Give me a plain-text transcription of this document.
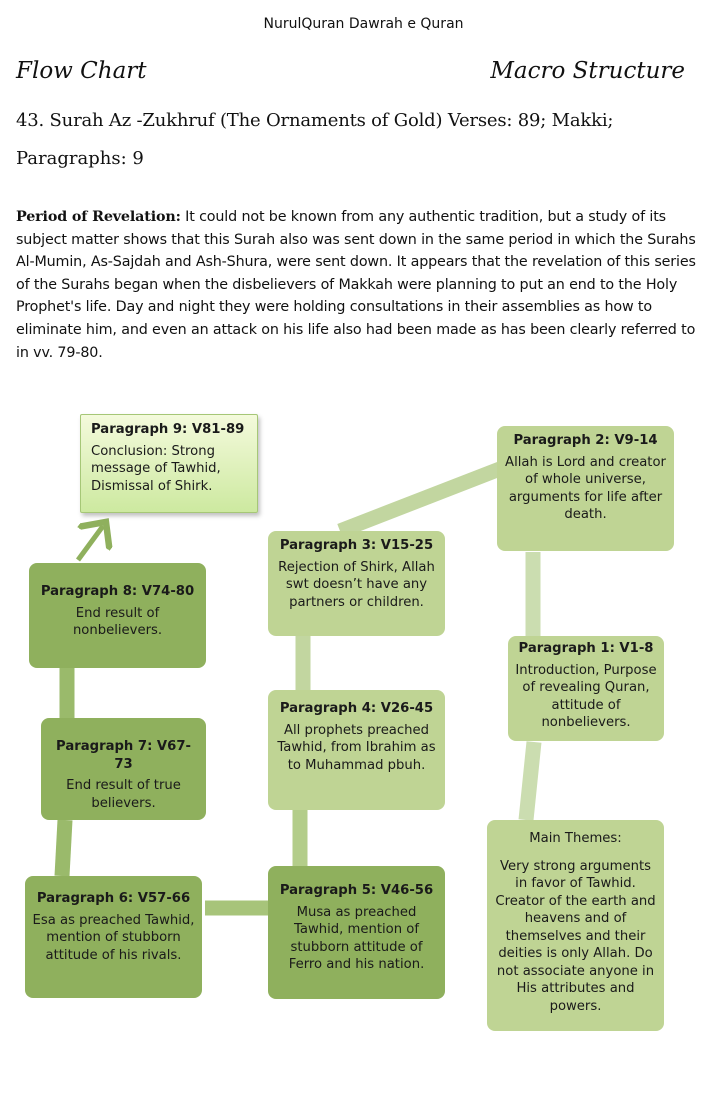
NurulQuran Dawrah e Quran
Flow Chart	Macro Structure
43. Surah Az -Zukhruf (The Ornaments of Gold) Verses: 89; Makki;
Paragraphs: 9

Period of Revelation: It could not be known from any authentic tradition, but a study of its subject matter shows that this Surah also was sent down in the same period in which the Surahs Al-Mumin, As-Sajdah and Ash-Shura, were sent down. It appears that the revelation of this series of the Surahs began when the disbelievers of Makkah were planning to put an end to the Holy Prophet's life. Day and night they were holding consultations in their assemblies as how to eliminate him, and even an attack on his life also had been made as has been clearly referred to in vv. 79-80.

Paragraph 9: V81-89
Conclusion: Strong message of Tawhid, Dismissal of Shirk.
Paragraph 2: V9-14
Allah is Lord and creator of whole universe, arguments for life after death.
Paragraph 3: V15-25
Rejection of Shirk, Allah swt doesn’t have any partners or children.
Paragraph 8: V74-80
End result of nonbelievers.
Paragraph 1: V1-8
Introduction, Purpose of revealing Quran, attitude of nonbelievers.
Paragraph 4: V26-45
All prophets preached Tawhid, from Ibrahim as to Muhammad pbuh.
Paragraph 7: V67-73
End result of true believers.
Main Themes:
Very strong arguments in favor of Tawhid. Creator of the earth and heavens and of themselves and their deities is only Allah. Do not associate anyone in His attributes and powers.
Paragraph 5: V46-56
Musa as preached Tawhid, mention of stubborn attitude of Ferro and his nation.
Paragraph 6: V57-66
Esa as preached Tawhid, mention of stubborn attitude of his rivals.
